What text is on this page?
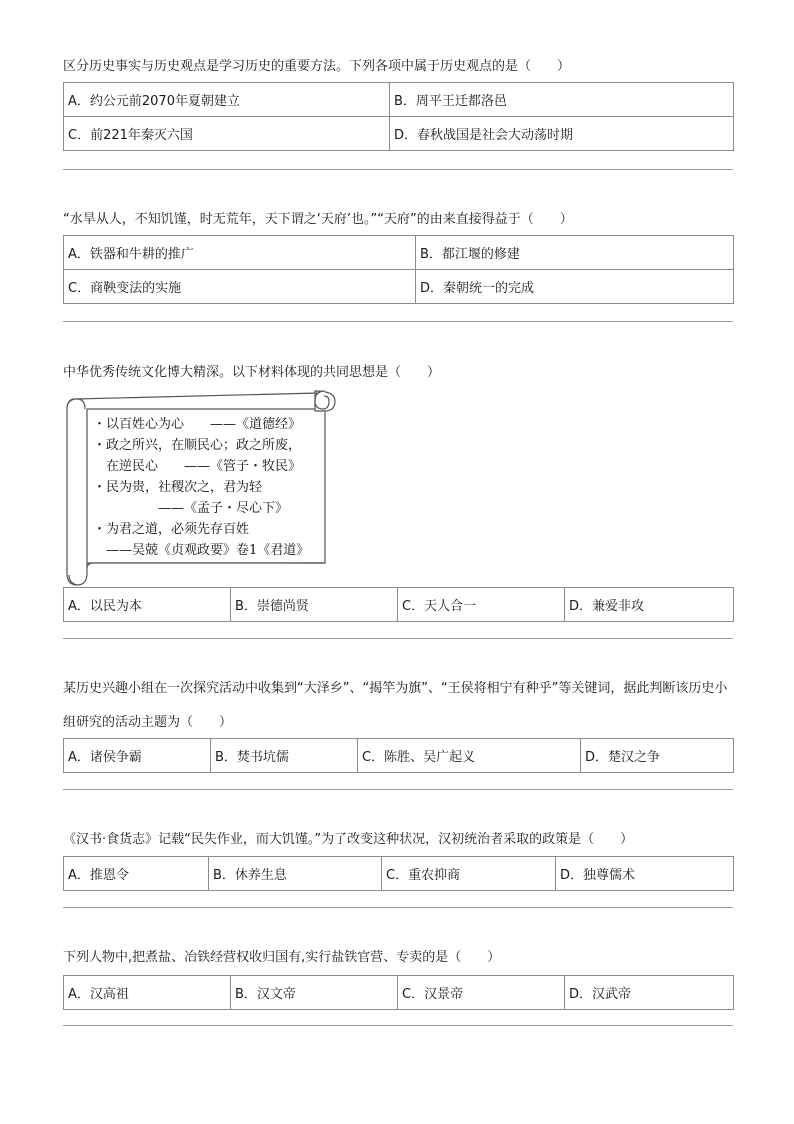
区分历史事实与历史观点是学习历史的重要方法。下列各项中属于历史观点的是（　　）
A．约公元前2070年夏朝建立	B．周平王迁都洛邑
C．前221年秦灭六国	D．春秋战国是社会大动荡时期
“水旱从人，不知饥馑，时无荒年，天下谓之‘天府’也。”“天府”的由来直接得益于（　　）
A．铁器和牛耕的推广	B．都江堰的修建
C．商鞅变法的实施	D．秦朝统一的完成
中华优秀传统文化博大精深。以下材料体现的共同思想是（　　）
・以百姓心为心　　——《道德经》
・政之所兴，在顺民心；政之所废，
　在逆民心　　——《管子・牧民》
・民为贵，社稷次之，君为轻
　　　　　——《孟子・尽心下》
・为君之道，必须先存百姓
　——吴兢《贞观政要》卷1《君道》
A．以民为本	B．崇德尚贤	C．天人合一	D．兼爱非攻
某历史兴趣小组在一次探究活动中收集到“大泽乡”、“揭竿为旗”、“王侯将相宁有种乎”等关键词，据此判断该历史小组研究的活动主题为（　　）
A．诸侯争霸	B．焚书坑儒	C．陈胜、吴广起义	D．楚汉之争
《汉书·食货志》记载“民失作业，而大饥馑。”为了改变这种状况，汉初统治者采取的政策是（　　）
A．推恩令	B．休养生息	C．重农抑商	D．独尊儒术
下列人物中,把煮盐、冶铁经营权收归国有,实行盐铁官营、专卖的是（　　）
A．汉高祖	B．汉文帝	C．汉景帝	D．汉武帝
